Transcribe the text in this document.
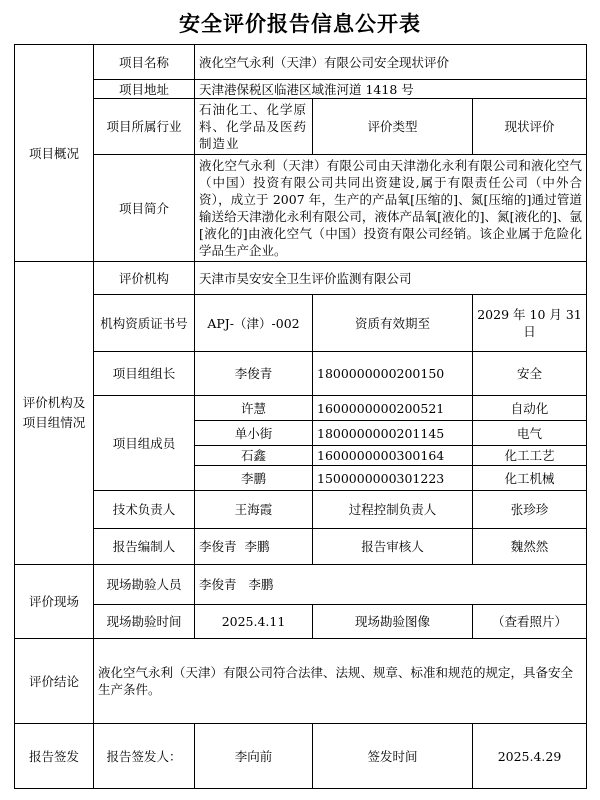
安全评价报告信息公开表
项目概况	项目名称	液化空气永利（天津）有限公司安全现状评价		
	项目地址	天津港保税区临港区域淮河道 1418 号		
	项目所属行业	石油化工、化学原料、化学品及医药制造业	评价类型	现状评价
	项目简介	液化空气永利（天津）有限公司由天津渤化永利有限公司和液化空气（中国）投资有限公司共同出资建设,属于有限责任公司（中外合资），成立于 2007 年，生产的产品氧[压缩的]、氮[压缩的]通过管道输送给天津渤化永利有限公司，液体产品氧[液化的]、氮[液化的]、氩[液化的]由液化空气（中国）投资有限公司经销。该企业属于危险化学品生产企业。		
评价机构及项目组情况	评价机构	天津市昊安安全卫生评价监测有限公司		
	机构资质证书号	APJ-（津）-002	资质有效期至	2029 年 10 月 31 日
	项目组组长	李俊青	1800000000200150	安全
	项目组成员	许慧	1600000000200521	自动化
		单小街	1800000000201145	电气
		石鑫	1600000000300164	化工工艺
		李鹏	1500000000301223	化工机械
	技术负责人	王海霞	过程控制负责人	张珍珍
	报告编制人	李俊青  李鹏	报告审核人	魏然然

评价现场	现场勘验人员	李俊青   李鹏		
	现场勘验时间	2025.4.11	现场勘验图像	（查看照片）
评价结论	液化空气永利（天津）有限公司符合法律、法规、规章、标准和规范的规定，具备安全生产条件。			
报告签发	报告签发人：	李向前	签发时间	2025.4.29
